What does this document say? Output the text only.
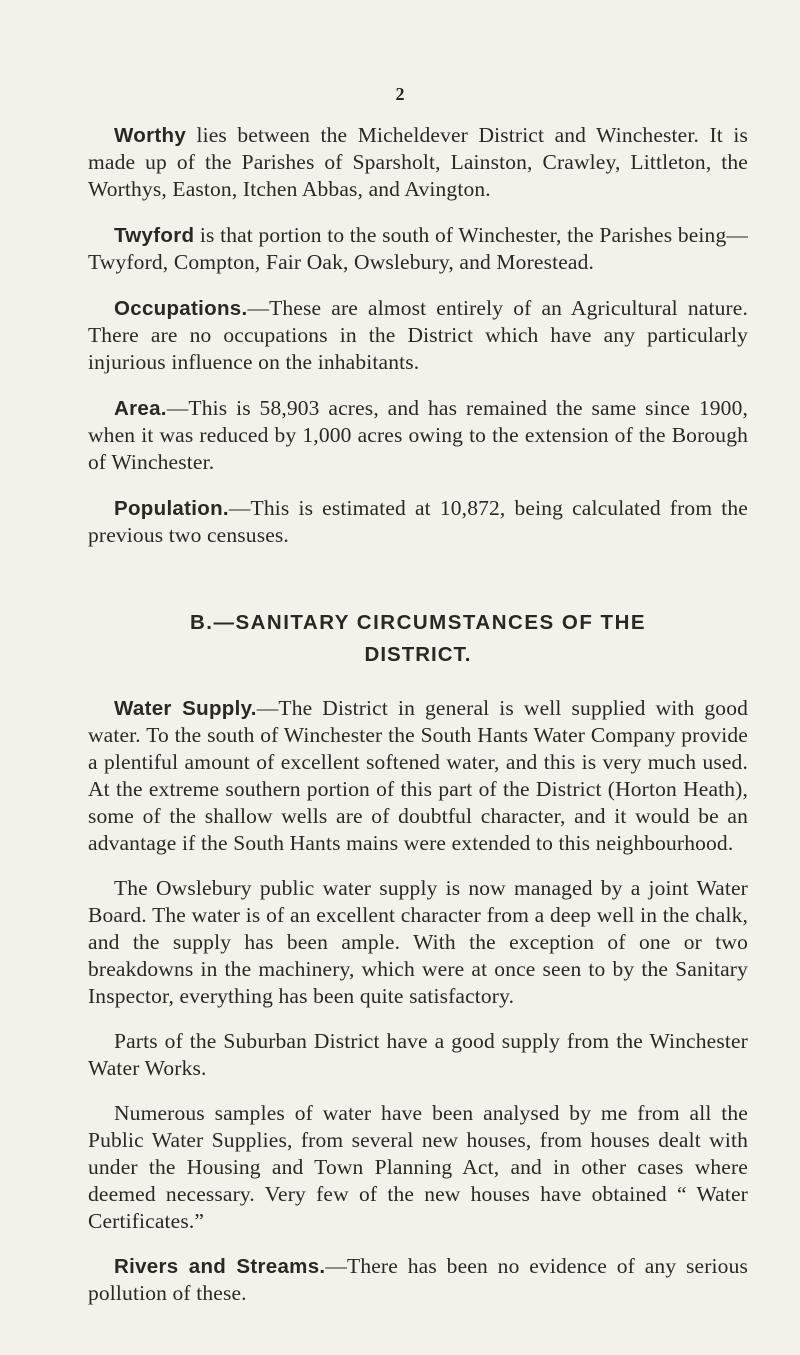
2

Worthy lies between the Micheldever District and Winchester. It is made up of the Parishes of Sparsholt, Lainston, Crawley, Littleton, the Worthys, Easton, Itchen Abbas, and Avington.

Twyford is that portion to the south of Winchester, the Parishes being—Twyford, Compton, Fair Oak, Owslebury, and Morestead.

Occupations.—These are almost entirely of an Agricultural nature. There are no occupations in the District which have any particularly injurious influence on the inhabitants.

Area.—This is 58,903 acres, and has remained the same since 1900, when it was reduced by 1,000 acres owing to the extension of the Borough of Winchester.

Population.—This is estimated at 10,872, being calculated from the previous two censuses.

B.—SANITARY CIRCUMSTANCES OF THE
DISTRICT.

Water Supply.—The District in general is well supplied with good water. To the south of Winchester the South Hants Water Company provide a plentiful amount of excellent softened water, and this is very much used. At the extreme southern portion of this part of the District (Horton Heath), some of the shallow wells are of doubtful character, and it would be an advantage if the South Hants mains were extended to this neighbourhood.

The Owslebury public water supply is now managed by a joint Water Board. The water is of an excellent character from a deep well in the chalk, and the supply has been ample. With the exception of one or two breakdowns in the machinery, which were at once seen to by the Sanitary Inspector, everything has been quite satisfactory.

Parts of the Suburban District have a good supply from the Winchester Water Works.

Numerous samples of water have been analysed by me from all the Public Water Supplies, from several new houses, from houses dealt with under the Housing and Town Planning Act, and in other cases where deemed necessary. Very few of the new houses have obtained “ Water Certificates.”

Rivers and Streams.—There has been no evidence of any serious pollution of these.
